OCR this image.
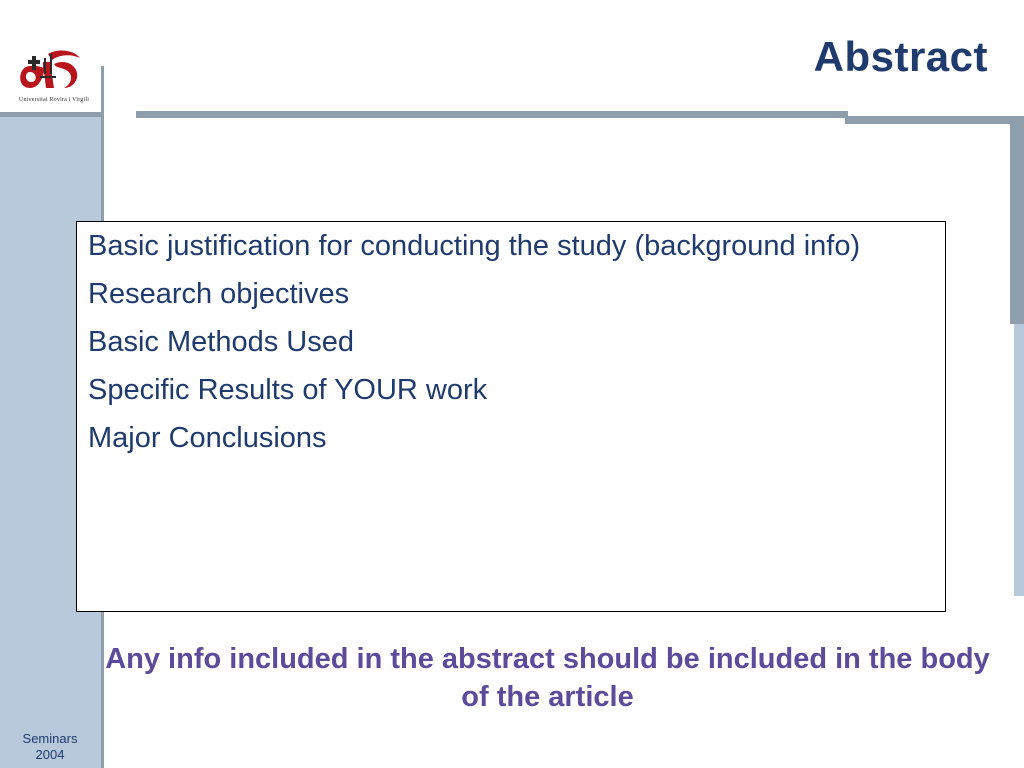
Universitat Rovira i Virgili
Abstract
Basic justification for conducting the study (background info)
Research objectives
Basic Methods Used
Specific Results of YOUR work
Major Conclusions

Any info included in the abstract should be included in the body of the article

Seminars
2004
